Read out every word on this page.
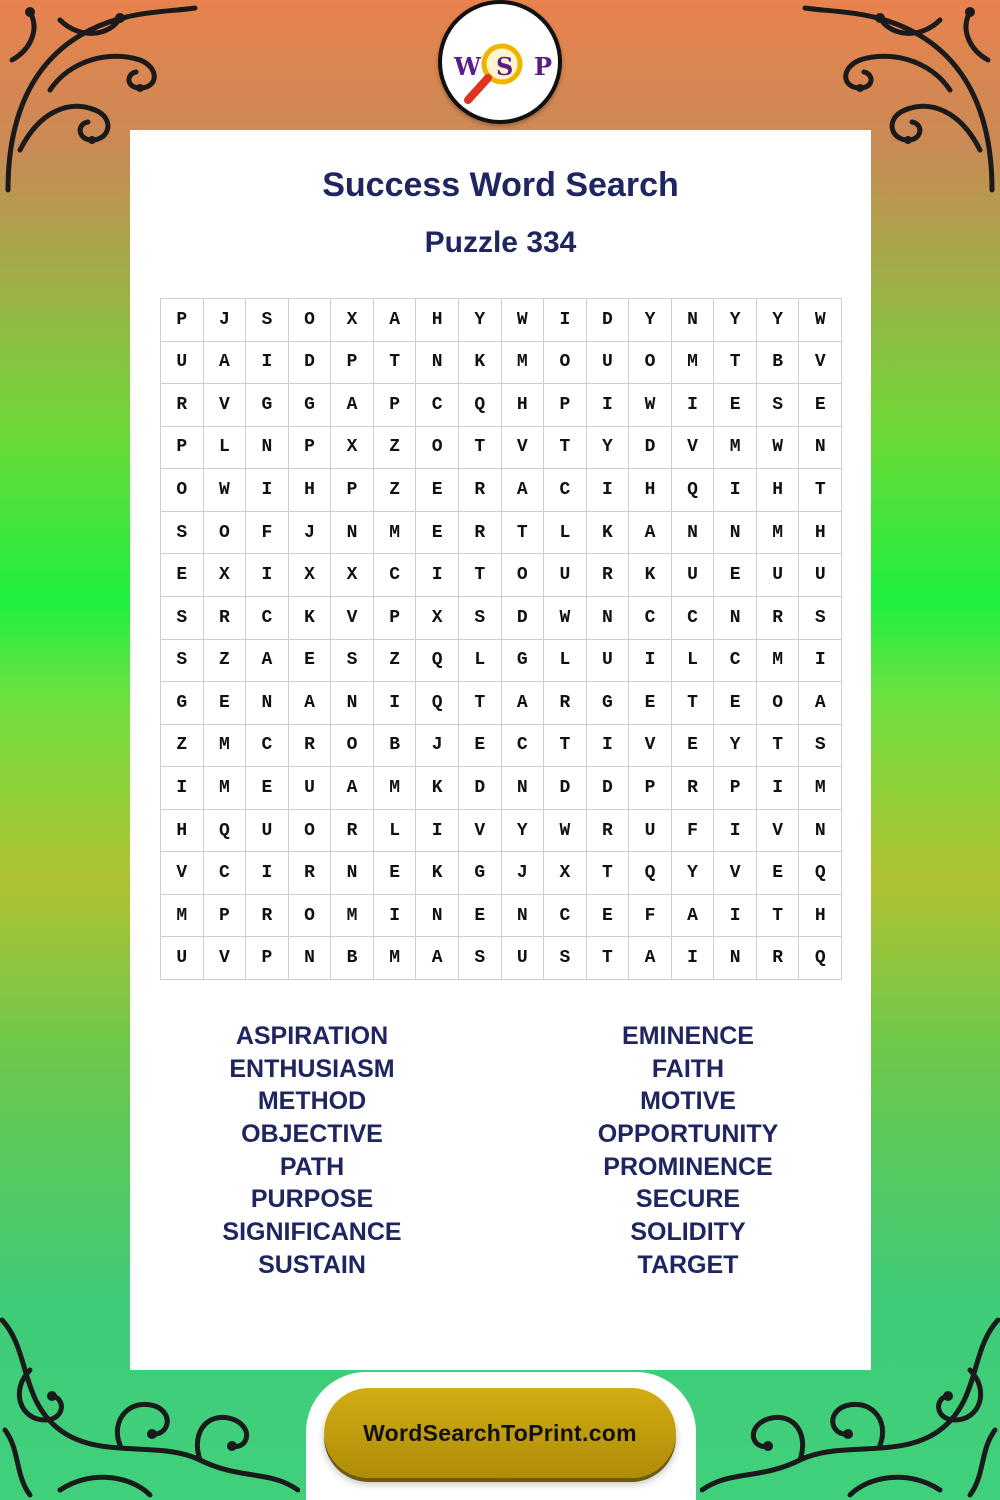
W S P
Success Word Search
Puzzle 334
P	J	S	O	X	A	H	Y	W	I	D	Y	N	Y	Y	W
U	A	I	D	P	T	N	K	M	O	U	O	M	T	B	V
R	V	G	G	A	P	C	Q	H	P	I	W	I	E	S	E
P	L	N	P	X	Z	O	T	V	T	Y	D	V	M	W	N
O	W	I	H	P	Z	E	R	A	C	I	H	Q	I	H	T
S	O	F	J	N	M	E	R	T	L	K	A	N	N	M	H
E	X	I	X	X	C	I	T	O	U	R	K	U	E	U	U
S	R	C	K	V	P	X	S	D	W	N	C	C	N	R	S
S	Z	A	E	S	Z	Q	L	G	L	U	I	L	C	M	I
G	E	N	A	N	I	Q	T	A	R	G	E	T	E	O	A
Z	M	C	R	O	B	J	E	C	T	I	V	E	Y	T	S
I	M	E	U	A	M	K	D	N	D	D	P	R	P	I	M
H	Q	U	O	R	L	I	V	Y	W	R	U	F	I	V	N
V	C	I	R	N	E	K	G	J	X	T	Q	Y	V	E	Q
M	P	R	O	M	I	N	E	N	C	E	F	A	I	T	H
U	V	P	N	B	M	A	S	U	S	T	A	I	N	R	Q
ASPIRATION
ENTHUSIASM
METHOD
OBJECTIVE
PATH
PURPOSE
SIGNIFICANCE
SUSTAIN
EMINENCE
FAITH
MOTIVE
OPPORTUNITY
PROMINENCE
SECURE
SOLIDITY
TARGET
WordSearchToPrint.com
